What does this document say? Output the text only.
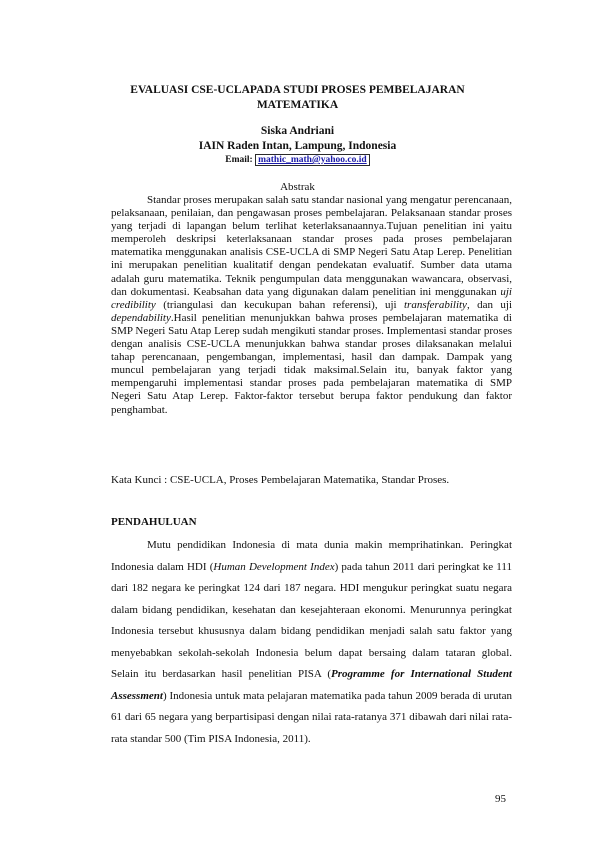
EVALUASI CSE-UCLAPADA STUDI PROSES PEMBELAJARAN MATEMATIKA
Siska Andriani
IAIN Raden Intan, Lampung, Indonesia
Email: mathic_math@yahoo.co.id
Abstrak

Standar proses merupakan salah satu standar nasional yang mengatur perencanaan, pelaksanaan, penilaian, dan pengawasan proses pembelajaran. Pelaksanaan standar proses yang terjadi di lapangan belum terlihat keterlaksanaannya.Tujuan penelitian ini yaitu memperoleh deskripsi keterlaksanaan standar proses pada proses pembelajaran matematika menggunakan analisis CSE-UCLA di SMP Negeri Satu Atap Lerep. Penelitian ini merupakan penelitian kualitatif dengan pendekatan evaluatif. Sumber data utama adalah guru matematika. Teknik pengumpulan data menggunakan wawancara, observasi, dan dokumentasi. Keabsahan data yang digunakan dalam penelitian ini menggunakan uji credibility (triangulasi dan kecukupan bahan referensi), uji transferability, dan uji dependability.Hasil penelitian menunjukkan bahwa proses pembelajaran matematika di SMP Negeri Satu Atap Lerep sudah mengikuti standar proses. Implementasi standar proses dengan analisis CSE-UCLA menunjukkan bahwa standar proses dilaksanakan melalui tahap perencanaan, pengembangan, implementasi, hasil dan dampak. Dampak yang muncul pembelajaran yang terjadi tidak maksimal.Selain itu, banyak faktor yang mempengaruhi implementasi standar proses pada pembelajaran matematika di SMP Negeri Satu Atap Lerep. Faktor-faktor tersebut berupa faktor pendukung dan faktor penghambat.

Kata Kunci : CSE-UCLA, Proses Pembelajaran Matematika, Standar Proses.
PENDAHULUAN

Mutu pendidikan Indonesia di mata dunia makin memprihatinkan. Peringkat Indonesia dalam HDI (Human Development Index) pada tahun 2011 dari peringkat ke 111 dari 182 negara ke peringkat 124 dari 187 negara. HDI mengukur peringkat suatu negara dalam bidang pendidikan, kesehatan dan kesejahteraan ekonomi. Menurunnya peringkat Indonesia tersebut khususnya dalam bidang pendidikan menjadi salah satu faktor yang menyebabkan sekolah-sekolah Indonesia belum dapat bersaing dalam tataran global. Selain itu berdasarkan hasil penelitian PISA (Programme for International Student Assessment) Indonesia untuk mata pelajaran matematika pada tahun 2009 berada di urutan 61 dari 65 negara yang berpartisipasi dengan nilai rata-ratanya 371 dibawah dari nilai rata-rata standar 500 (Tim PISA Indonesia, 2011).

95
